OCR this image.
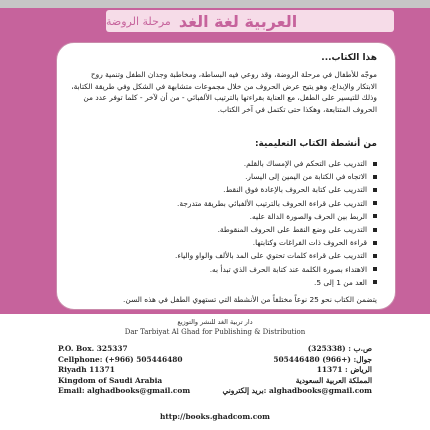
العربية لغة الغد
مرحلة الروضة
هذا الكتاب...
موجّه للأطفال في مرحلة الروضة، وقد روعي فيه البساطة، ومخاطبة وجدان الطفل وتنمية روح الابتكار والإبداع، وهو يتيح عرض الحروف من خلال مجموعات متشابهة في الشكل وفي طريقة الكتابة، وذلك للتيسير على الطفل، مع العناية بقراءتها بالترتيب الألفبائي - من أن لآخر - كلما توفر عدد من الحروف المتتابعة، وهكذا حتى تكتمل في آخر الكتاب.
من أنشطة الكتاب التعليمية:
التدريب على التحكم في الإمساك بالقلم.
الاتجاه في الكتابة من اليمين إلى اليسار.
التدريب على كتابة الحروف بالإعادة فوق النقط.
التدريب على قراءة الحروف بالترتيب الألفبائي بطريقة متدرجة.
الربط بين الحرف والصورة الدالة عليه.
التدريب على وضع النقط على الحروف المنقوطة.
قراءة الحروف ذات الفراغات وكتابتها.
التدريب على قراءة كلمات تحتوي على المد بالألف والواو والياء.
الاهتداء بصورة الكلمة عند كتابة الحرف الذي تبدأ به.
العد من 1 إلى 5.
يتضمن الكتاب نحو 25 نوعاً مختلفاً من الأنشطة التي تستهوي الطفل في هذه السن.
دار تربية الغد للنشر والتوزيع
Dar Tarbiyat Al Ghad for Publishing & Distribution
P.O. Box. 325337
Cellphone: (+966) 505446480
Riyadh 11371
Kingdom of Saudi Arabia
Email: alghadbooks@gmail.com
ص.ب : (325338)
جوال: (+966) 505446480
الرياض : 11371
المملكة العربية السعودية
alghadbooks@gmail.com :بريد إلكتروني
http://books.ghadcom.com
